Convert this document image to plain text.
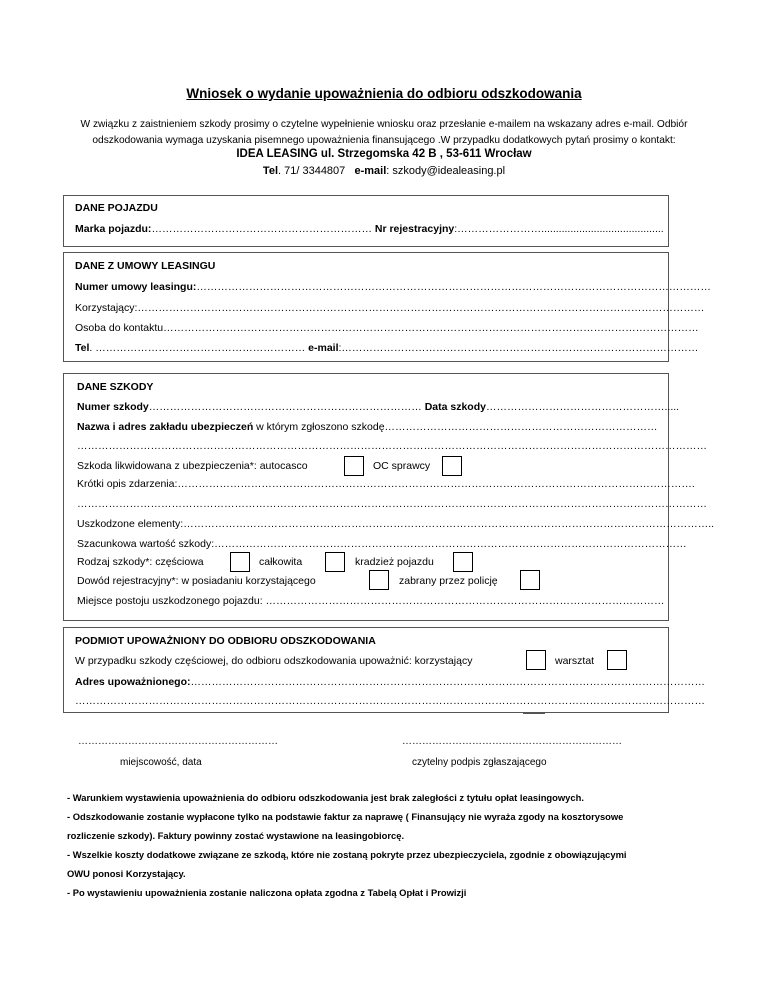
Wniosek o wydanie upoważnienia do odbioru odszkodowania
W związku z zaistnieniem szkody prosimy o czytelne wypełnienie wniosku oraz przesłanie e-mailem na wskazany adres e-mail. Odbiór
odszkodowania wymaga uzyskania pisemnego upoważnienia finansującego .W przypadku dodatkowych pytań prosimy o kontakt:
IDEA LEASING ul. Strzegomska 42 B , 53-611 Wrocław
Tel. 71/ 3344807 e-mail: szkody@idealeasing.pl
DANE POJAZDU
Marka pojazdu:……………………………………………………… Nr rejestracyjny:……………………..........................................
DANE Z UMOWY LEASINGU
Numer umowy leasingu:…………………………………………………………………………………………………………………………………
Korzystający:………………………………………………………………………………………………………………………………………………
Osoba do kontaktu………………………………………………………………………………………………………………………………………
Tel. …………………………………………………… e-mail:…………………………………………………………………………………………
DANE SZKODY
Numer szkody…………………………………………………………………… Data szkody…………………………………………….....
Nazwa i adres zakładu ubezpieczeń w którym zgłoszono szkodę……………………………………………………………………
………………………………………………………………………………………………………………………………………………………………
Szkoda likwidowana z ubezpieczenia*: autocasco	OC sprawcy
Krótki opis zdarzenia:………………………………………………………………………………………………………………………………….
………………………………………………………………………………………………………………………………………………………………
Uszkodzone elementy:……………………………………………………………………………………………………………………………………..
Szacunkowa wartość szkody:………………………………………………………………………………………………………………………
Rodzaj szkody*: częściowa	całkowita	kradzież pojazdu
Dowód rejestracyjny*: w posiadaniu korzystającego	zabrany przez policję
Miejsce postoju uszkodzonego pojazdu: ……………………………………………………………………………………………………
PODMIOT UPOWAŻNIONY DO ODBIORU ODSZKODOWANIA
W przypadku szkody częściowej, do odbioru odszkodowania upoważnić: korzystający	warsztat
Adres upoważnionego:…………………………………………………………………………………………………………………………………
………………………………………………………………………………………………………………………………………………………………
……………………………………………………	…………………………………………………………
miejscowość, data	czytelny podpis zgłaszającego
- Warunkiem wystawienia upoważnienia do odbioru odszkodowania jest brak zaległości z tytułu opłat leasingowych.
- Odszkodowanie zostanie wypłacone tylko na podstawie faktur za naprawę ( Finansujący nie wyraża zgody na kosztorysowe
rozliczenie szkody). Faktury powinny zostać wystawione na leasingobiorcę.
- Wszelkie koszty dodatkowe związane ze szkodą, które nie zostaną pokryte przez ubezpieczyciela, zgodnie z obowiązującymi
OWU ponosi Korzystający.
- Po wystawieniu upoważnienia zostanie naliczona opłata zgodna z Tabelą Opłat i Prowizji
